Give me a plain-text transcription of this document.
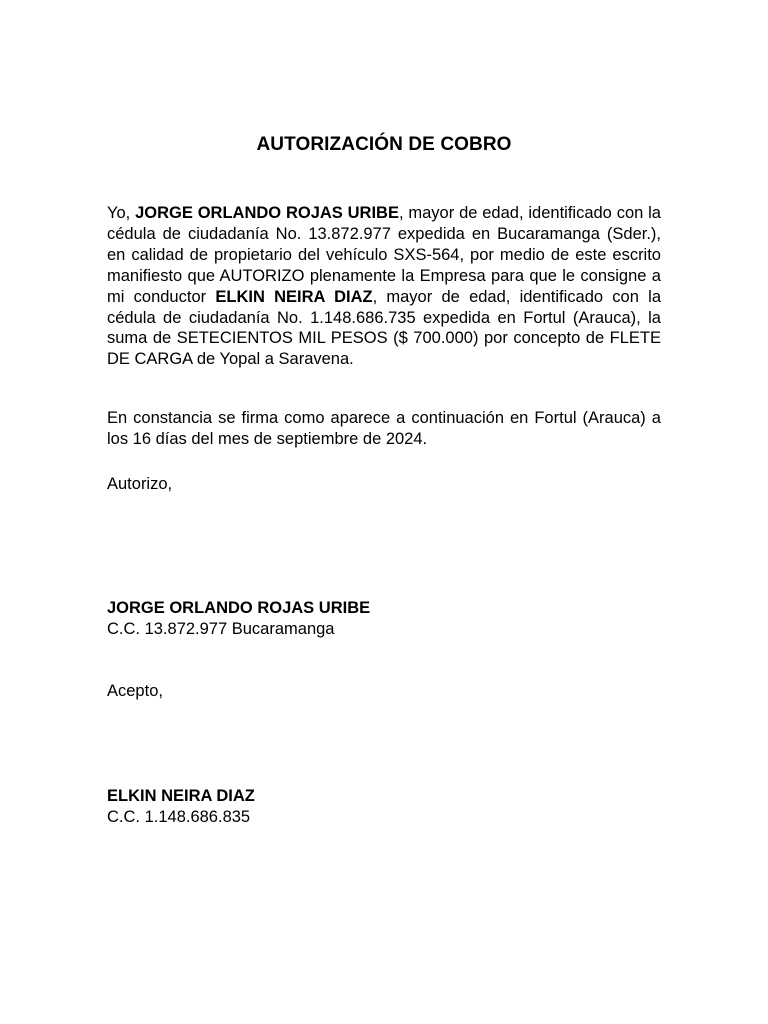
AUTORIZACIÓN DE COBRO

Yo, JORGE ORLANDO ROJAS URIBE, mayor de edad, identificado con la cédula de ciudadanía No. 13.872.977 expedida en Bucaramanga (Sder.), en calidad de propietario del vehículo SXS-564, por medio de este escrito manifiesto que AUTORIZO plenamente la Empresa para que le consigne a mi conductor ELKIN NEIRA DIAZ, mayor de edad, identificado con la cédula de ciudadanía No. 1.148.686.735 expedida en Fortul (Arauca), la suma de SETECIENTOS MIL PESOS ($ 700.000) por concepto de FLETE DE CARGA de Yopal a Saravena.

En constancia se firma como aparece a continuación en Fortul (Arauca) a los 16 días del mes de septiembre de 2024.

Autorizo,

JORGE ORLANDO ROJAS URIBE

C.C. 13.872.977 Bucaramanga

Acepto,

ELKIN NEIRA DIAZ

C.C. 1.148.686.835
